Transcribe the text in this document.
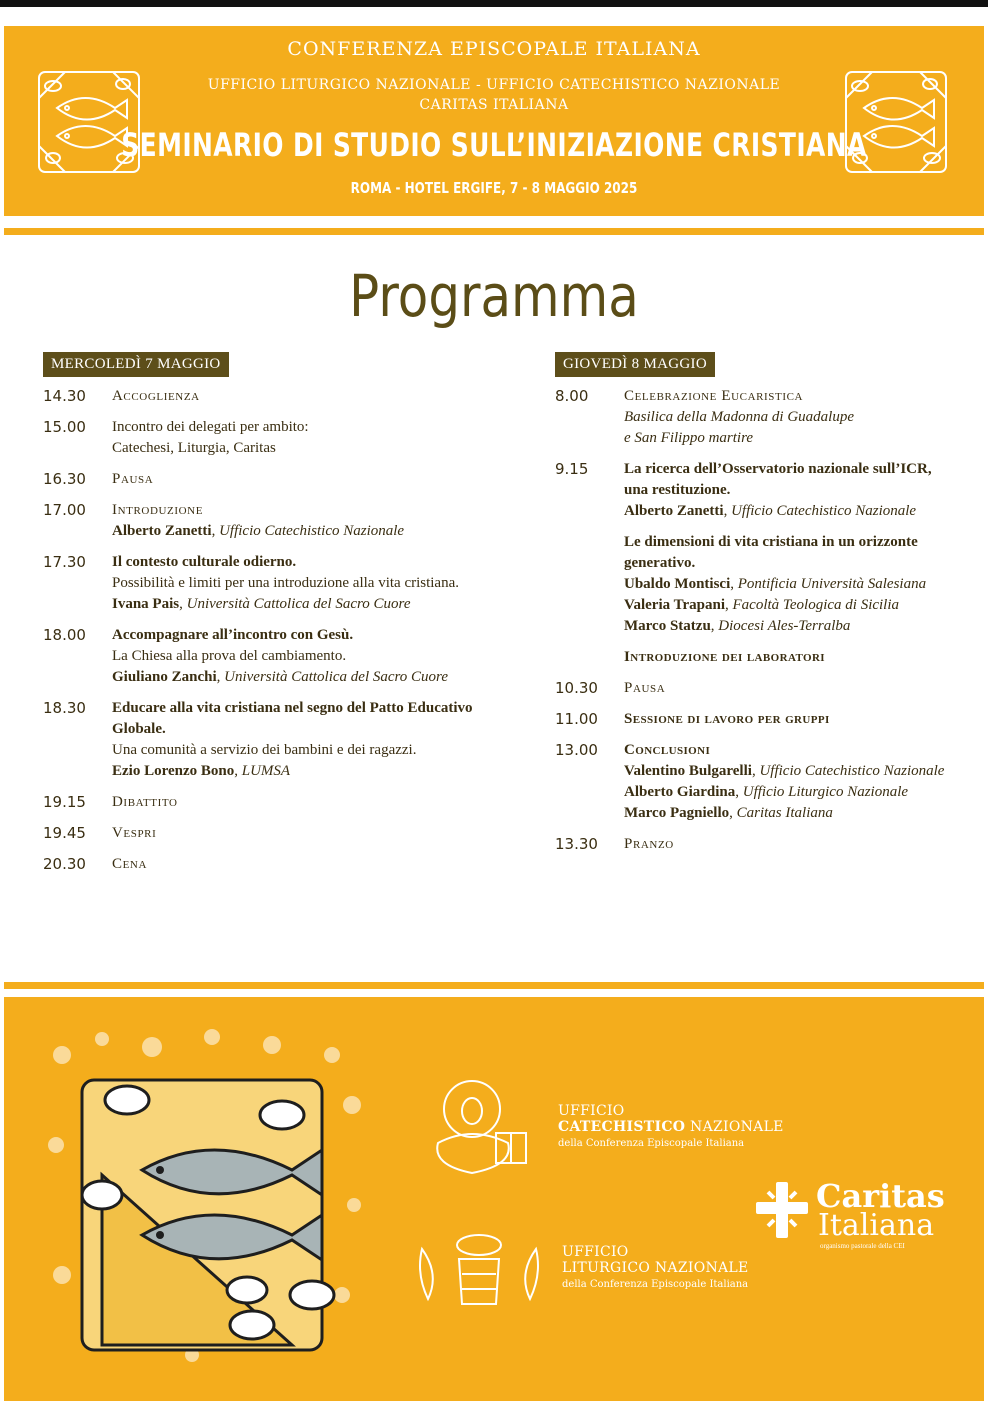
CONFERENZA EPISCOPALE ITALIANA
UFFICIO LITURGICO NAZIONALE - UFFICIO CATECHISTICO NAZIONALE
CARITAS ITALIANA
SEMINARIO DI STUDIO SULL’INIZIAZIONE CRISTIANA
ROMA - HOTEL ERGIFE, 7 - 8 MAGGIO 2025
Programma
MERCOLEDÌ 7 MAGGIO
14.30	Accoglienza
15.00	Incontro dei delegati per ambito:
Catechesi, Liturgia, Caritas
16.30	Pausa
17.00	Introduzione
Alberto Zanetti, Ufficio Catechistico Nazionale
17.30	Il contesto culturale odierno.
Possibilità e limiti per una introduzione alla vita cristiana.
Ivana Pais, Università Cattolica del Sacro Cuore
18.00	Accompagnare all’incontro con Gesù.
La Chiesa alla prova del cambiamento.
Giuliano Zanchi, Università Cattolica del Sacro Cuore
18.30	Educare alla vita cristiana nel segno del Patto Educativo
Globale.
Una comunità a servizio dei bambini e dei ragazzi.
Ezio Lorenzo Bono, LUMSA
19.15	Dibattito
19.45	Vespri
20.30	Cena
GIOVEDÌ 8 MAGGIO
8.00	Celebrazione Eucaristica
Basilica della Madonna di Guadalupe
e San Filippo martire
9.15	La ricerca dell’Osservatorio nazionale sull’ICR,
una restituzione.
Alberto Zanetti, Ufficio Catechistico Nazionale
Le dimensioni di vita cristiana in un orizzonte
generativo.
Ubaldo Montisci, Pontificia Università Salesiana
Valeria Trapani, Facoltà Teologica di Sicilia
Marco Statzu, Diocesi Ales-Terralba
Introduzione dei laboratori
10.30	Pausa
11.00	Sessione di lavoro per gruppi
13.00	Conclusioni
Valentino Bulgarelli, Ufficio Catechistico Nazionale
Alberto Giardina, Ufficio Liturgico Nazionale
Marco Pagniello, Caritas Italiana
13.30	Pranzo
UFFICIO
CATECHISTICO NAZIONALE
della Conferenza Episcopale Italiana
UFFICIO
LITURGICO NAZIONALE
della Conferenza Episcopale Italiana
Caritas
Italiana
organismo pastorale della CEI
